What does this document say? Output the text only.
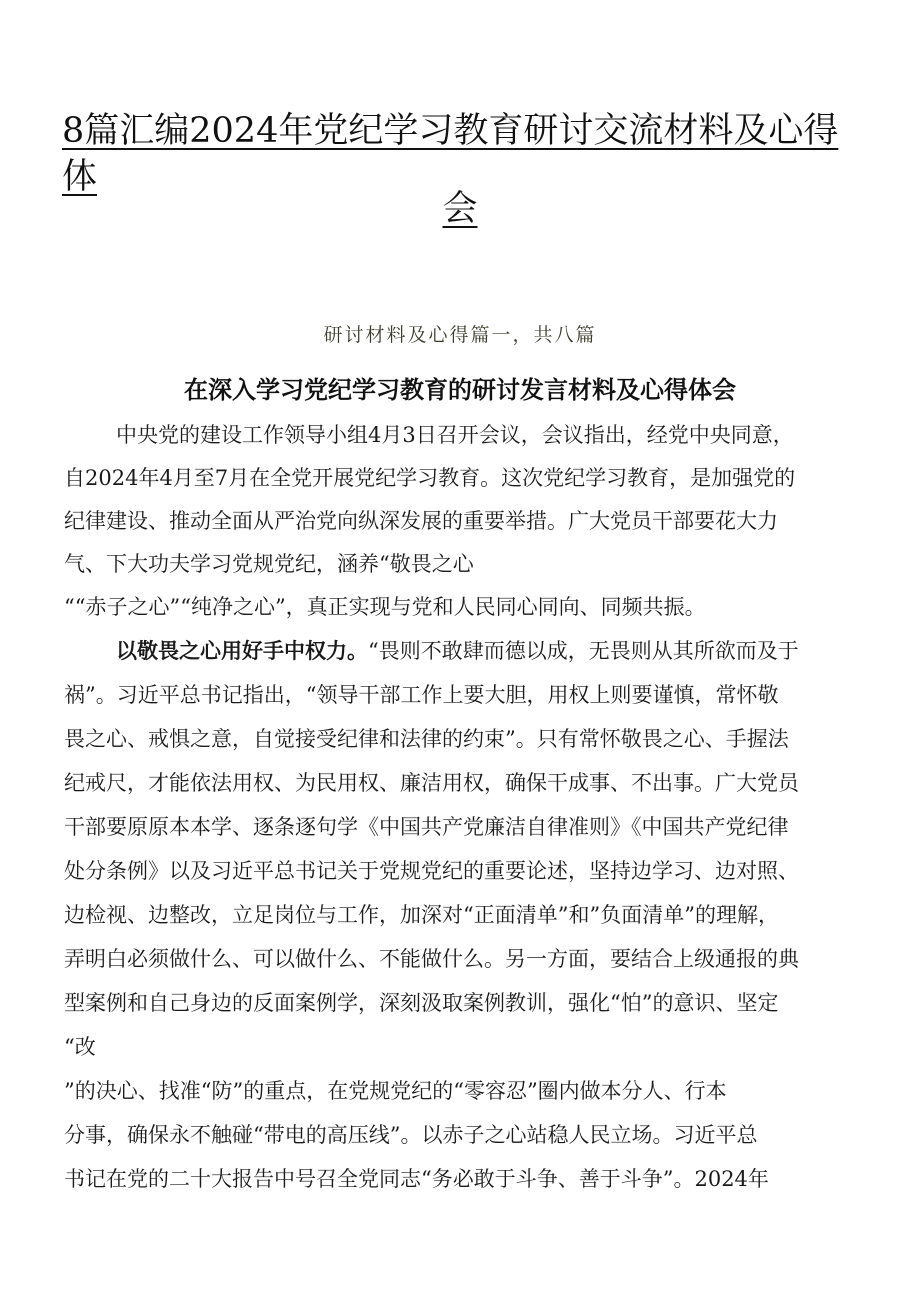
8篇汇编2024年党纪学习教育研讨交流材料及心得体
会
研讨材料及心得篇一，共八篇
在深入学习党纪学习教育的研讨发言材料及心得体会
中央党的建设工作领导小组4月3日召开会议，会议指出，经党中央同意，
自2024年4月至7月在全党开展党纪学习教育。这次党纪学习教育，是加强党的
纪律建设、推动全面从严治党向纵深发展的重要举措。广大党员干部要花大力
气、下大功夫学习党规党纪，涵养“敬畏之心
““赤子之心”“纯净之心”，真正实现与党和人民同心同向、同频共振。
以敬畏之心用好手中权力。“畏则不敢肆而德以成，无畏则从其所欲而及于
祸”。习近平总书记指出，“领导干部工作上要大胆，用权上则要谨慎，常怀敬
畏之心、戒惧之意，自觉接受纪律和法律的约束”。只有常怀敬畏之心、手握法
纪戒尺，才能依法用权、为民用权、廉洁用权，确保干成事、不出事。广大党员
干部要原原本本学、逐条逐句学《中国共产党廉洁自律准则》《中国共产党纪律
处分条例》以及习近平总书记关于党规党纪的重要论述，坚持边学习、边对照、
边检视、边整改，立足岗位与工作，加深对“正面清单”和”负面清单”的理解，
弄明白必须做什么、可以做什么、不能做什么。另一方面，要结合上级通报的典
型案例和自己身边的反面案例学，深刻汲取案例教训，强化“怕”的意识、坚定
“改
”的决心、找准“防”的重点，在党规党纪的“零容忍”圈内做本分人、行本
分事，确保永不触碰“带电的高压线”。以赤子之心站稳人民立场。习近平总
书记在党的二十大报告中号召全党同志“务必敢于斗争、善于斗争”。2024年
